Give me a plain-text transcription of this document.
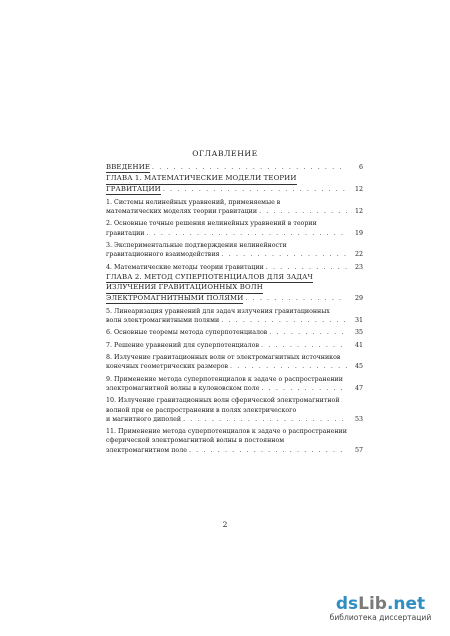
ОГЛАВЛЕНИЕ
ВВЕДЕНИЕ . . .	6
ГЛАВА 1. МАТЕМАТИЧЕСКИЕ МОДЕЛИ ТЕОРИИ
ГРАВИТАЦИИ . . .	12
1. Системы нелинейных уравнений, применяемые в
математических моделях теории гравитации . . .	12
2. Основные точные решения нелинейных уравнений в теории
гравитации . . .	19
3. Экспериментальные подтверждения нелинейности
гравитационного взаимодействия . . .	22
4. Математические методы теории гравитации . . .	23
ГЛАВА 2. МЕТОД СУПЕРПОТЕНЦИАЛОВ ДЛЯ ЗАДАЧ
ИЗЛУЧЕНИЯ ГРАВИТАЦИОННЫХ ВОЛН
ЭЛЕКТРОМАГНИТНЫМИ ПОЛЯМИ . . .	29
5. Линеаризация уравнений для задач излучения гравитационных
волн электромагнитными полями . . .	31
6. Основные теоремы метода суперпотенциалов . . .	35
7. Решение уравнений для суперпотенциалов . . .	41
8. Излучение гравитационных волн от электромагнитных источников
конечных геометрических размеров . . .	45
9. Применение метода суперпотенциалов к задаче о распространении
электромагнитной волны в кулоновском поле . . .	47
10. Излучение гравитационных волн сферической электромагнитной
волной при ее распространении в полях электрического
и магнитного диполей . . .	53
11. Применение метода суперпотенциалов к задаче о распространении
сферической электромагнитной волны в постоянном
электромагнитном поле . . .	57
2
ds Lib .net
библиотека диссертаций
